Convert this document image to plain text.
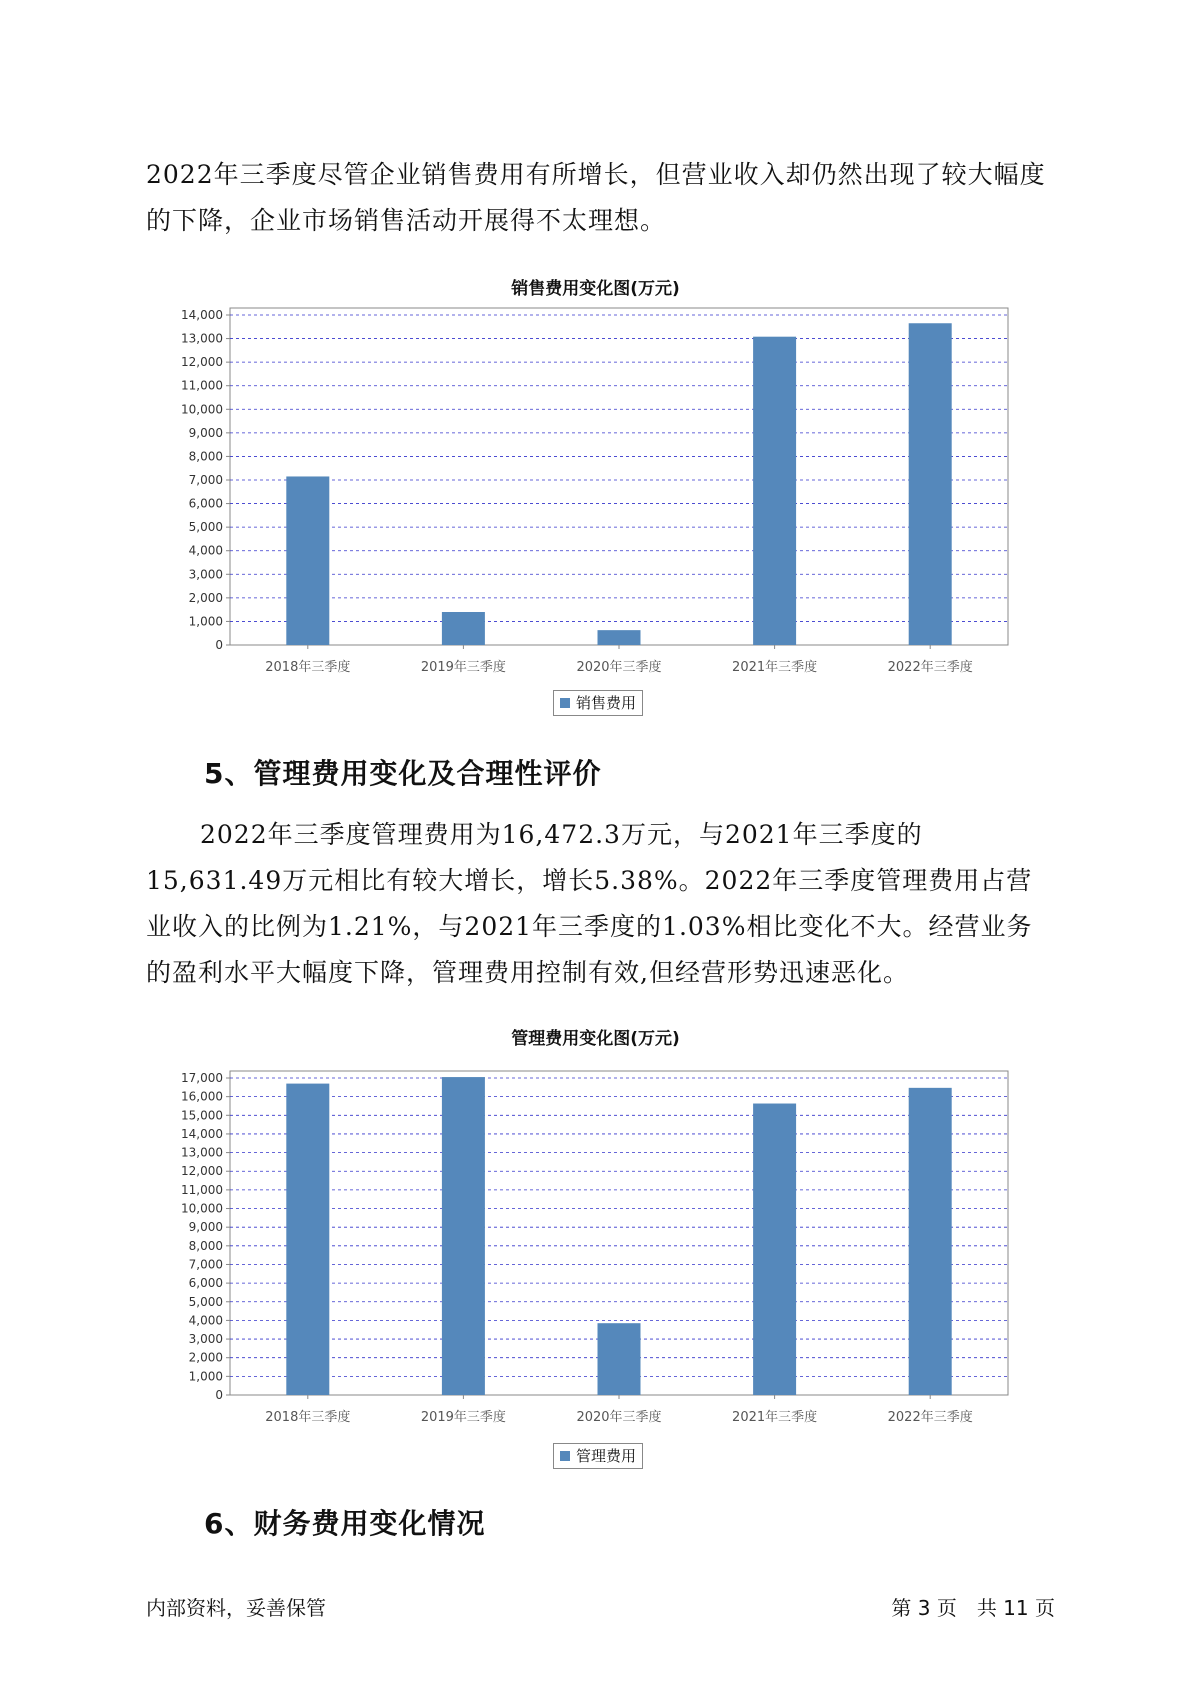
2022年三季度尽管企业销售费用有所增长，但营业收入却仍然出现了较大幅度的下降，企业市场销售活动开展得不太理想。

销售费用变化图(万元)
0
1,000
2,000
3,000
4,000
5,000
6,000
7,000
8,000
9,000
10,000
11,000
12,000
13,000
14,000
2018年三季度	2019年三季度	2020年三季度	2021年三季度	2022年三季度
销售费用
5、管理费用变化及合理性评价

2022年三季度管理费用为16,472.3万元，与2021年三季度的15,631.49万元相比有较大增长，增长5.38%。2022年三季度管理费用占营业收入的比例为1.21%，与2021年三季度的1.03%相比变化不大。经营业务的盈利水平大幅度下降，管理费用控制有效,但经营形势迅速恶化。

管理费用变化图(万元)
0
1,000
2,000
3,000
4,000
5,000
6,000
7,000
8,000
9,000
10,000
11,000
12,000
13,000
14,000
15,000
16,000
17,000
2018年三季度	2019年三季度	2020年三季度	2021年三季度	2022年三季度
管理费用
6、财务费用变化情况
内部资料，妥善保管	第 3 页　共 11 页
